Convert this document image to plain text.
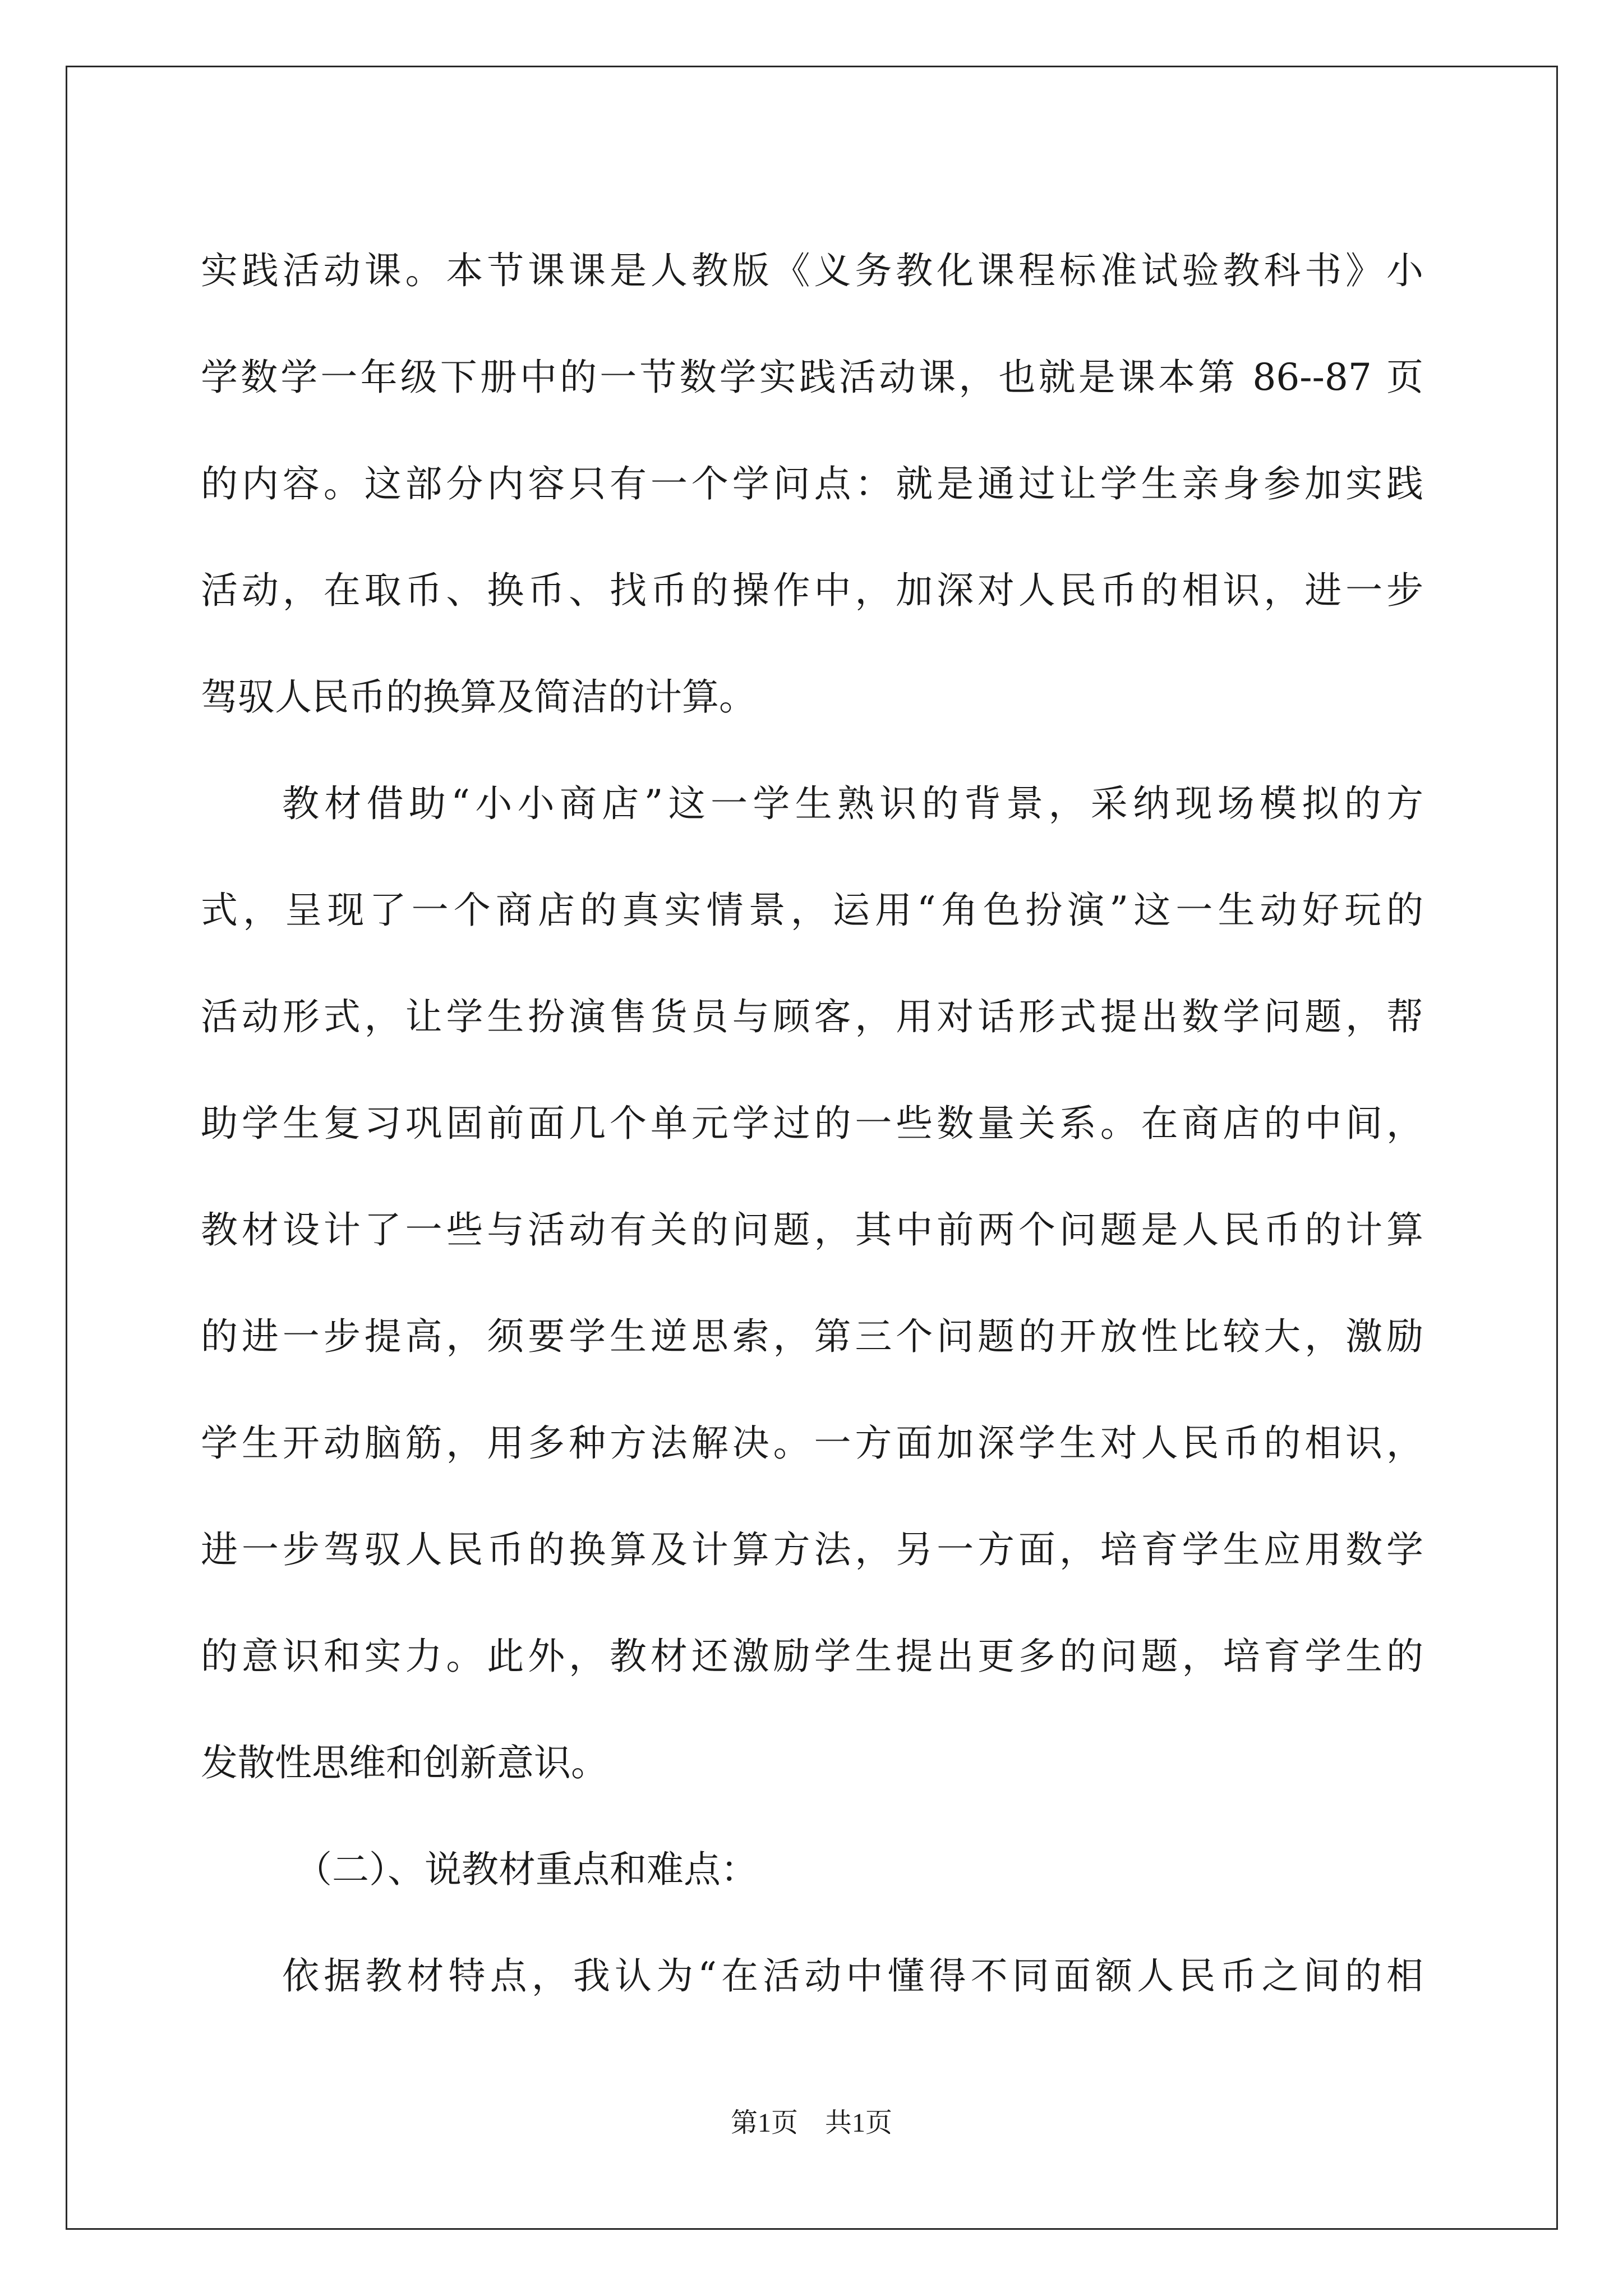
实践活动课。本节课课是人教版《义务教化课程标准试验教科书》小
学数学一年级下册中的一节数学实践活动课，也就是课本第 86--87 页
的内容。这部分内容只有一个学问点：就是通过让学生亲身参加实践
活动，在取币、换币、找币的操作中，加深对人民币的相识，进一步
驾驭人民币的换算及简洁的计算。
教材借助“小小商店”这一学生熟识的背景，采纳现场模拟的方
式，呈现了一个商店的真实情景，运用“角色扮演”这一生动好玩的
活动形式，让学生扮演售货员与顾客，用对话形式提出数学问题，帮
助学生复习巩固前面几个单元学过的一些数量关系。在商店的中间，
教材设计了一些与活动有关的问题，其中前两个问题是人民币的计算
的进一步提高，须要学生逆思索，第三个问题的开放性比较大，激励
学生开动脑筋，用多种方法解决。一方面加深学生对人民币的相识，
进一步驾驭人民币的换算及计算方法，另一方面，培育学生应用数学
的意识和实力。此外，教材还激励学生提出更多的问题，培育学生的
发散性思维和创新意识。
（二）、说教材重点和难点：
依据教材特点，我认为“在活动中懂得不同面额人民币之间的相
第1页　共1页
